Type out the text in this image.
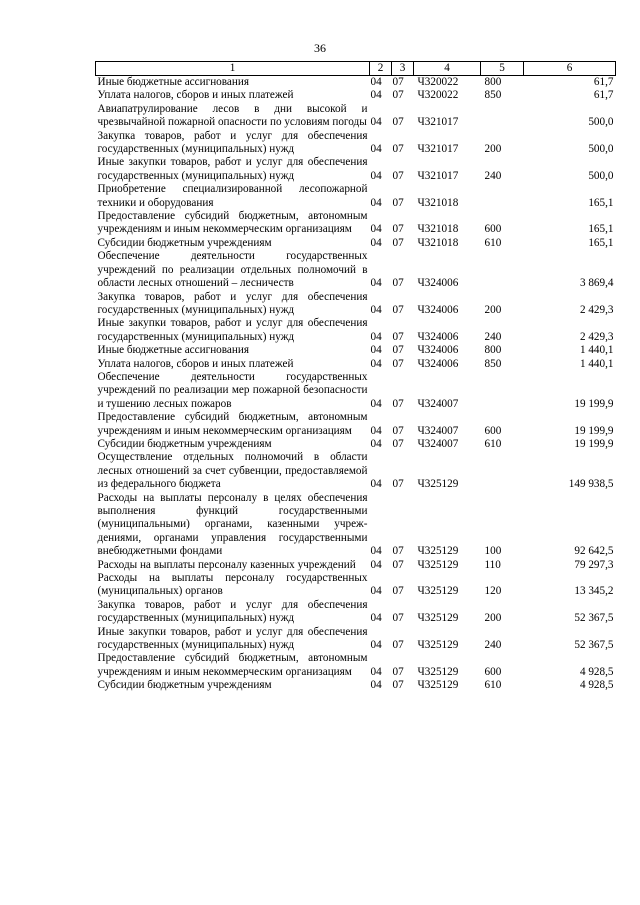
36
1	2	3	4	5	6
Иные бюджетные ассигнования	04	07	Ч320022	800	61,7
Уплата налогов, сборов и иных платежей	04	07	Ч320022	850	61,7
Авиапатрулирование лесов в дни высокой и чрезвычайной пожарной опасности по условиям погоды	04	07	Ч321017		500,0
Закупка товаров, работ и услуг для обеспечения государственных (муниципальных) нужд	04	07	Ч321017	200	500,0
Иные закупки товаров, работ и услуг для обеспечения государственных (муниципальных) нужд	04	07	Ч321017	240	500,0
Приобретение специализированной лесопожарной техники и оборудования	04	07	Ч321018		165,1
Предоставление субсидий бюджетным, автономным учреждениям и иным некоммерческим организациям	04	07	Ч321018	600	165,1
Субсидии бюджетным учреждениям	04	07	Ч321018	610	165,1
Обеспечение деятельности государственных учреждений по реализации отдельных полномочий в области лесных отношений – лесничеств	04	07	Ч324006		3 869,4
Закупка товаров, работ и услуг для обеспечения государственных (муниципальных) нужд	04	07	Ч324006	200	2 429,3
Иные закупки товаров, работ и услуг для обеспечения государственных (муниципальных) нужд	04	07	Ч324006	240	2 429,3
Иные бюджетные ассигнования	04	07	Ч324006	800	1 440,1
Уплата налогов, сборов и иных платежей	04	07	Ч324006	850	1 440,1
Обеспечение деятельности государственных учреждений по реализации мер пожарной безопасности и тушению лесных пожаров	04	07	Ч324007		19 199,9
Предоставление субсидий бюджетным, автономным учреждениям и иным некоммерческим организациям	04	07	Ч324007	600	19 199,9
Субсидии бюджетным учреждениям	04	07	Ч324007	610	19 199,9
Осуществление отдельных полномочий в области лесных отношений за счет субвенции, предоставляемой из федерального бюджета	04	07	Ч325129		149 938,5
Расходы на выплаты персоналу в целях обеспечения выполнения функций государственными (муниципальными) органами, казенными учреждениями, органами управления государственными внебюджетными фондами	04	07	Ч325129	100	92 642,5
Расходы на выплаты персоналу казенных учреждений	04	07	Ч325129	110	79 297,3
Расходы на выплаты персоналу государственных (муниципальных) органов	04	07	Ч325129	120	13 345,2
Закупка товаров, работ и услуг для обеспечения государственных (муниципальных) нужд	04	07	Ч325129	200	52 367,5
Иные закупки товаров, работ и услуг для обеспечения государственных (муниципальных) нужд	04	07	Ч325129	240	52 367,5
Предоставление субсидий бюджетным, автономным учреждениям и иным некоммерческим организациям	04	07	Ч325129	600	4 928,5
Субсидии бюджетным учреждениям	04	07	Ч325129	610	4 928,5
